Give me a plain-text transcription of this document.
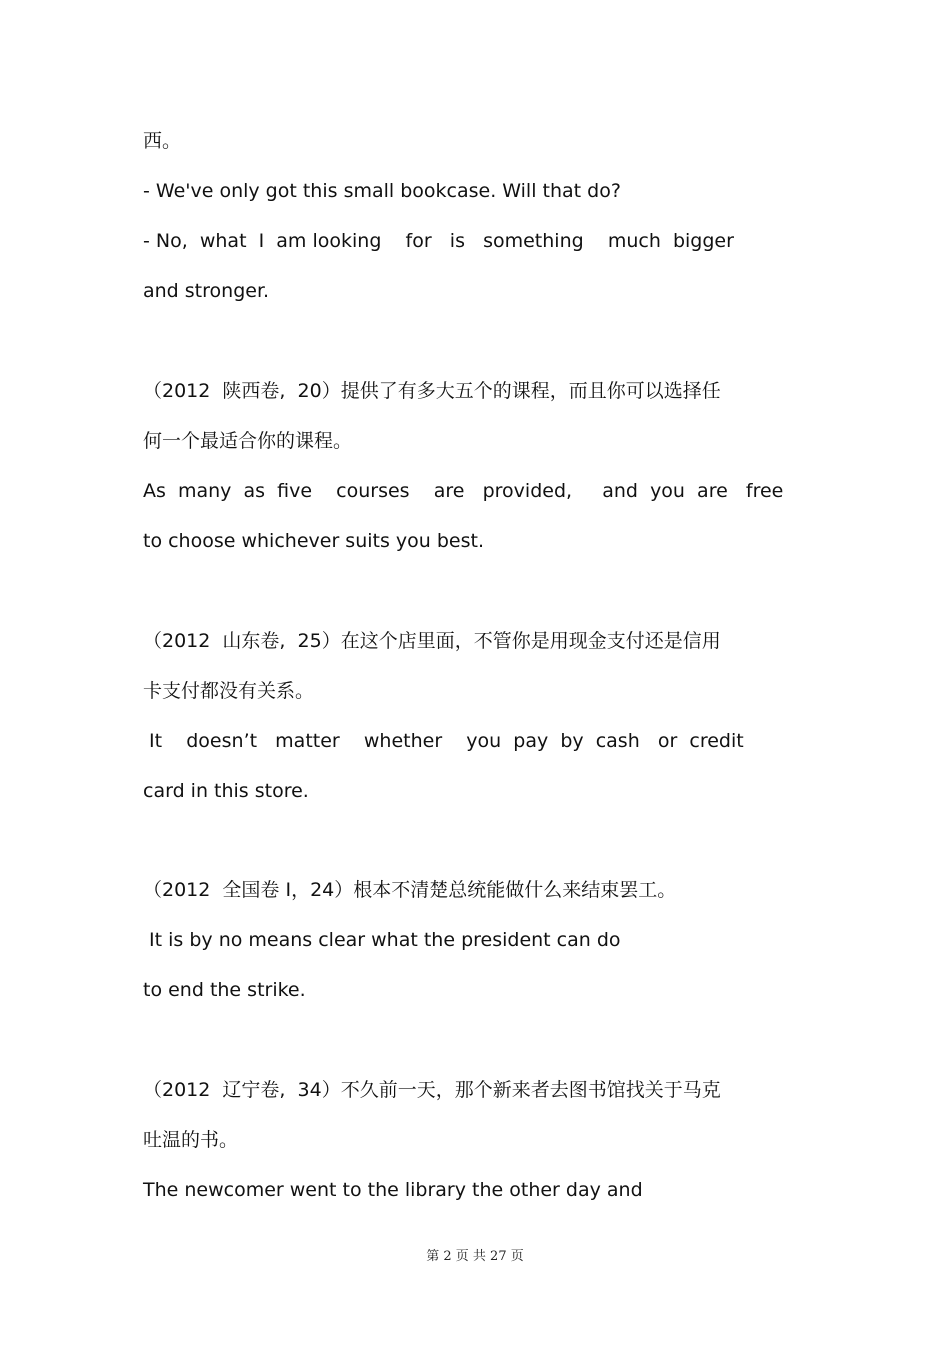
西。

- We've only got this small bookcase. Will that do?

- No,  what  I  am looking    for   is   something    much  bigger

and stronger.

（2012  陕西卷,  20）提供了有多大五个的课程，而且你可以选择任

何一个最适合你的课程。

As  many  as  five    courses    are   provided,     and  you  are   free

to choose whichever suits you best.

（2012  山东卷,  25）在这个店里面，不管你是用现金支付还是信用

卡支付都没有关系。

It    doesn’t   matter    whether    you  pay  by  cash   or  credit

card in this store.

（2012  全国卷 I，24）根本不清楚总统能做什么来结束罢工。

It is by no means clear what the president can do

to end the strike.

（2012  辽宁卷,  34）不久前一天，那个新来者去图书馆找关于马克

吐温的书。

The newcomer went to the library the other day and

第 2 页 共 27 页
